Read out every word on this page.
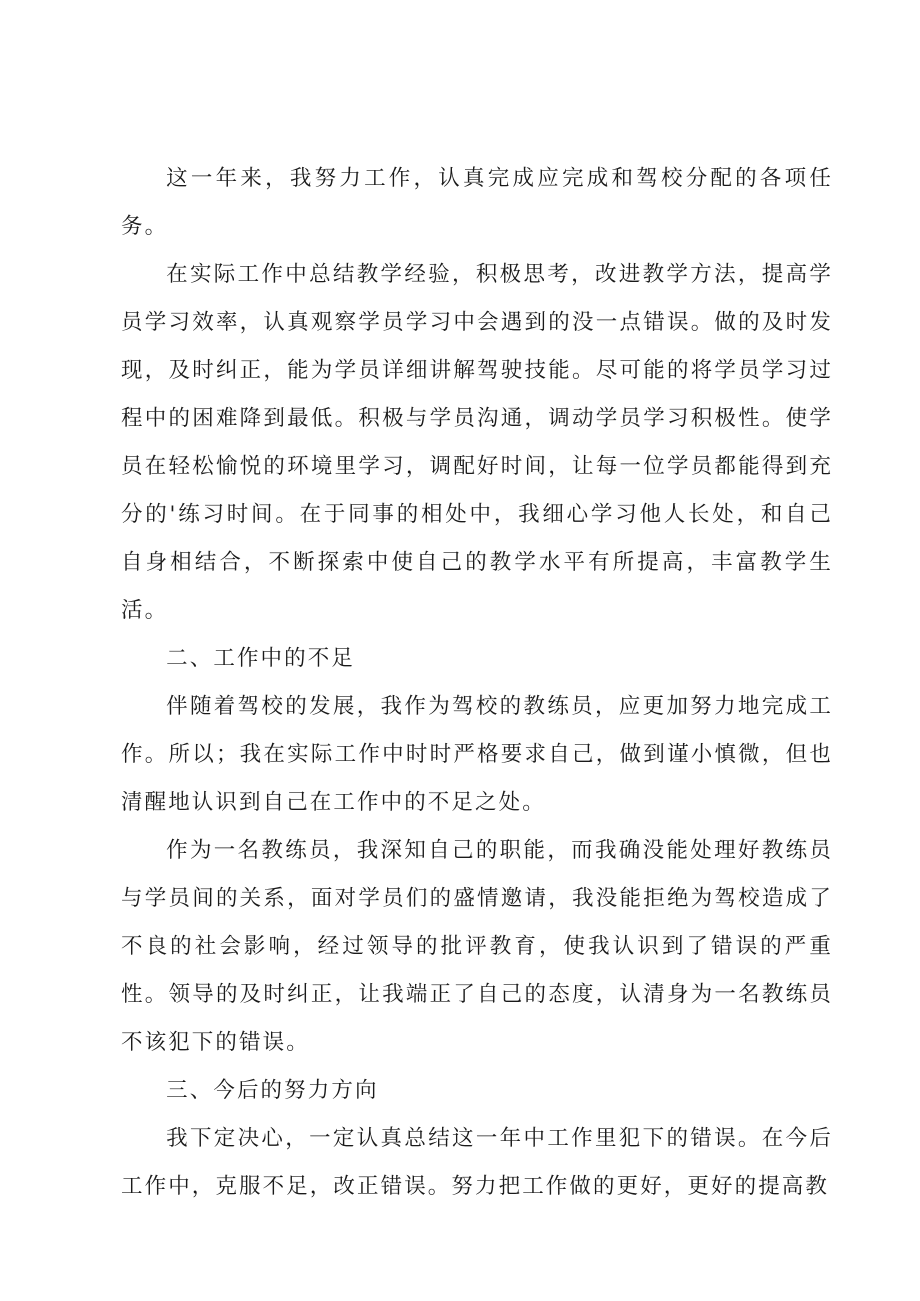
这一年来，我努力工作，认真完成应完成和驾校分配的各项任务。

在实际工作中总结教学经验，积极思考，改进教学方法，提高学员学习效率，认真观察学员学习中会遇到的没一点错误。做的及时发现，及时纠正，能为学员详细讲解驾驶技能。尽可能的将学员学习过程中的困难降到最低。积极与学员沟通，调动学员学习积极性。使学员在轻松愉悦的环境里学习，调配好时间，让每一位学员都能得到充分的'练习时间。在于同事的相处中，我细心学习他人长处，和自己自身相结合，不断探索中使自己的教学水平有所提高，丰富教学生活。

二、工作中的不足

伴随着驾校的发展，我作为驾校的教练员，应更加努力地完成工作。所以；我在实际工作中时时严格要求自己，做到谨小慎微，但也清醒地认识到自己在工作中的不足之处。

作为一名教练员，我深知自己的职能，而我确没能处理好教练员与学员间的关系，面对学员们的盛情邀请，我没能拒绝为驾校造成了不良的社会影响，经过领导的批评教育，使我认识到了错误的严重性。领导的及时纠正，让我端正了自己的态度，认清身为一名教练员不该犯下的错误。

三、今后的努力方向

我下定决心，一定认真总结这一年中工作里犯下的错误。在今后工作中，克服不足，改正错误。努力把工作做的更好，更好的提高教
